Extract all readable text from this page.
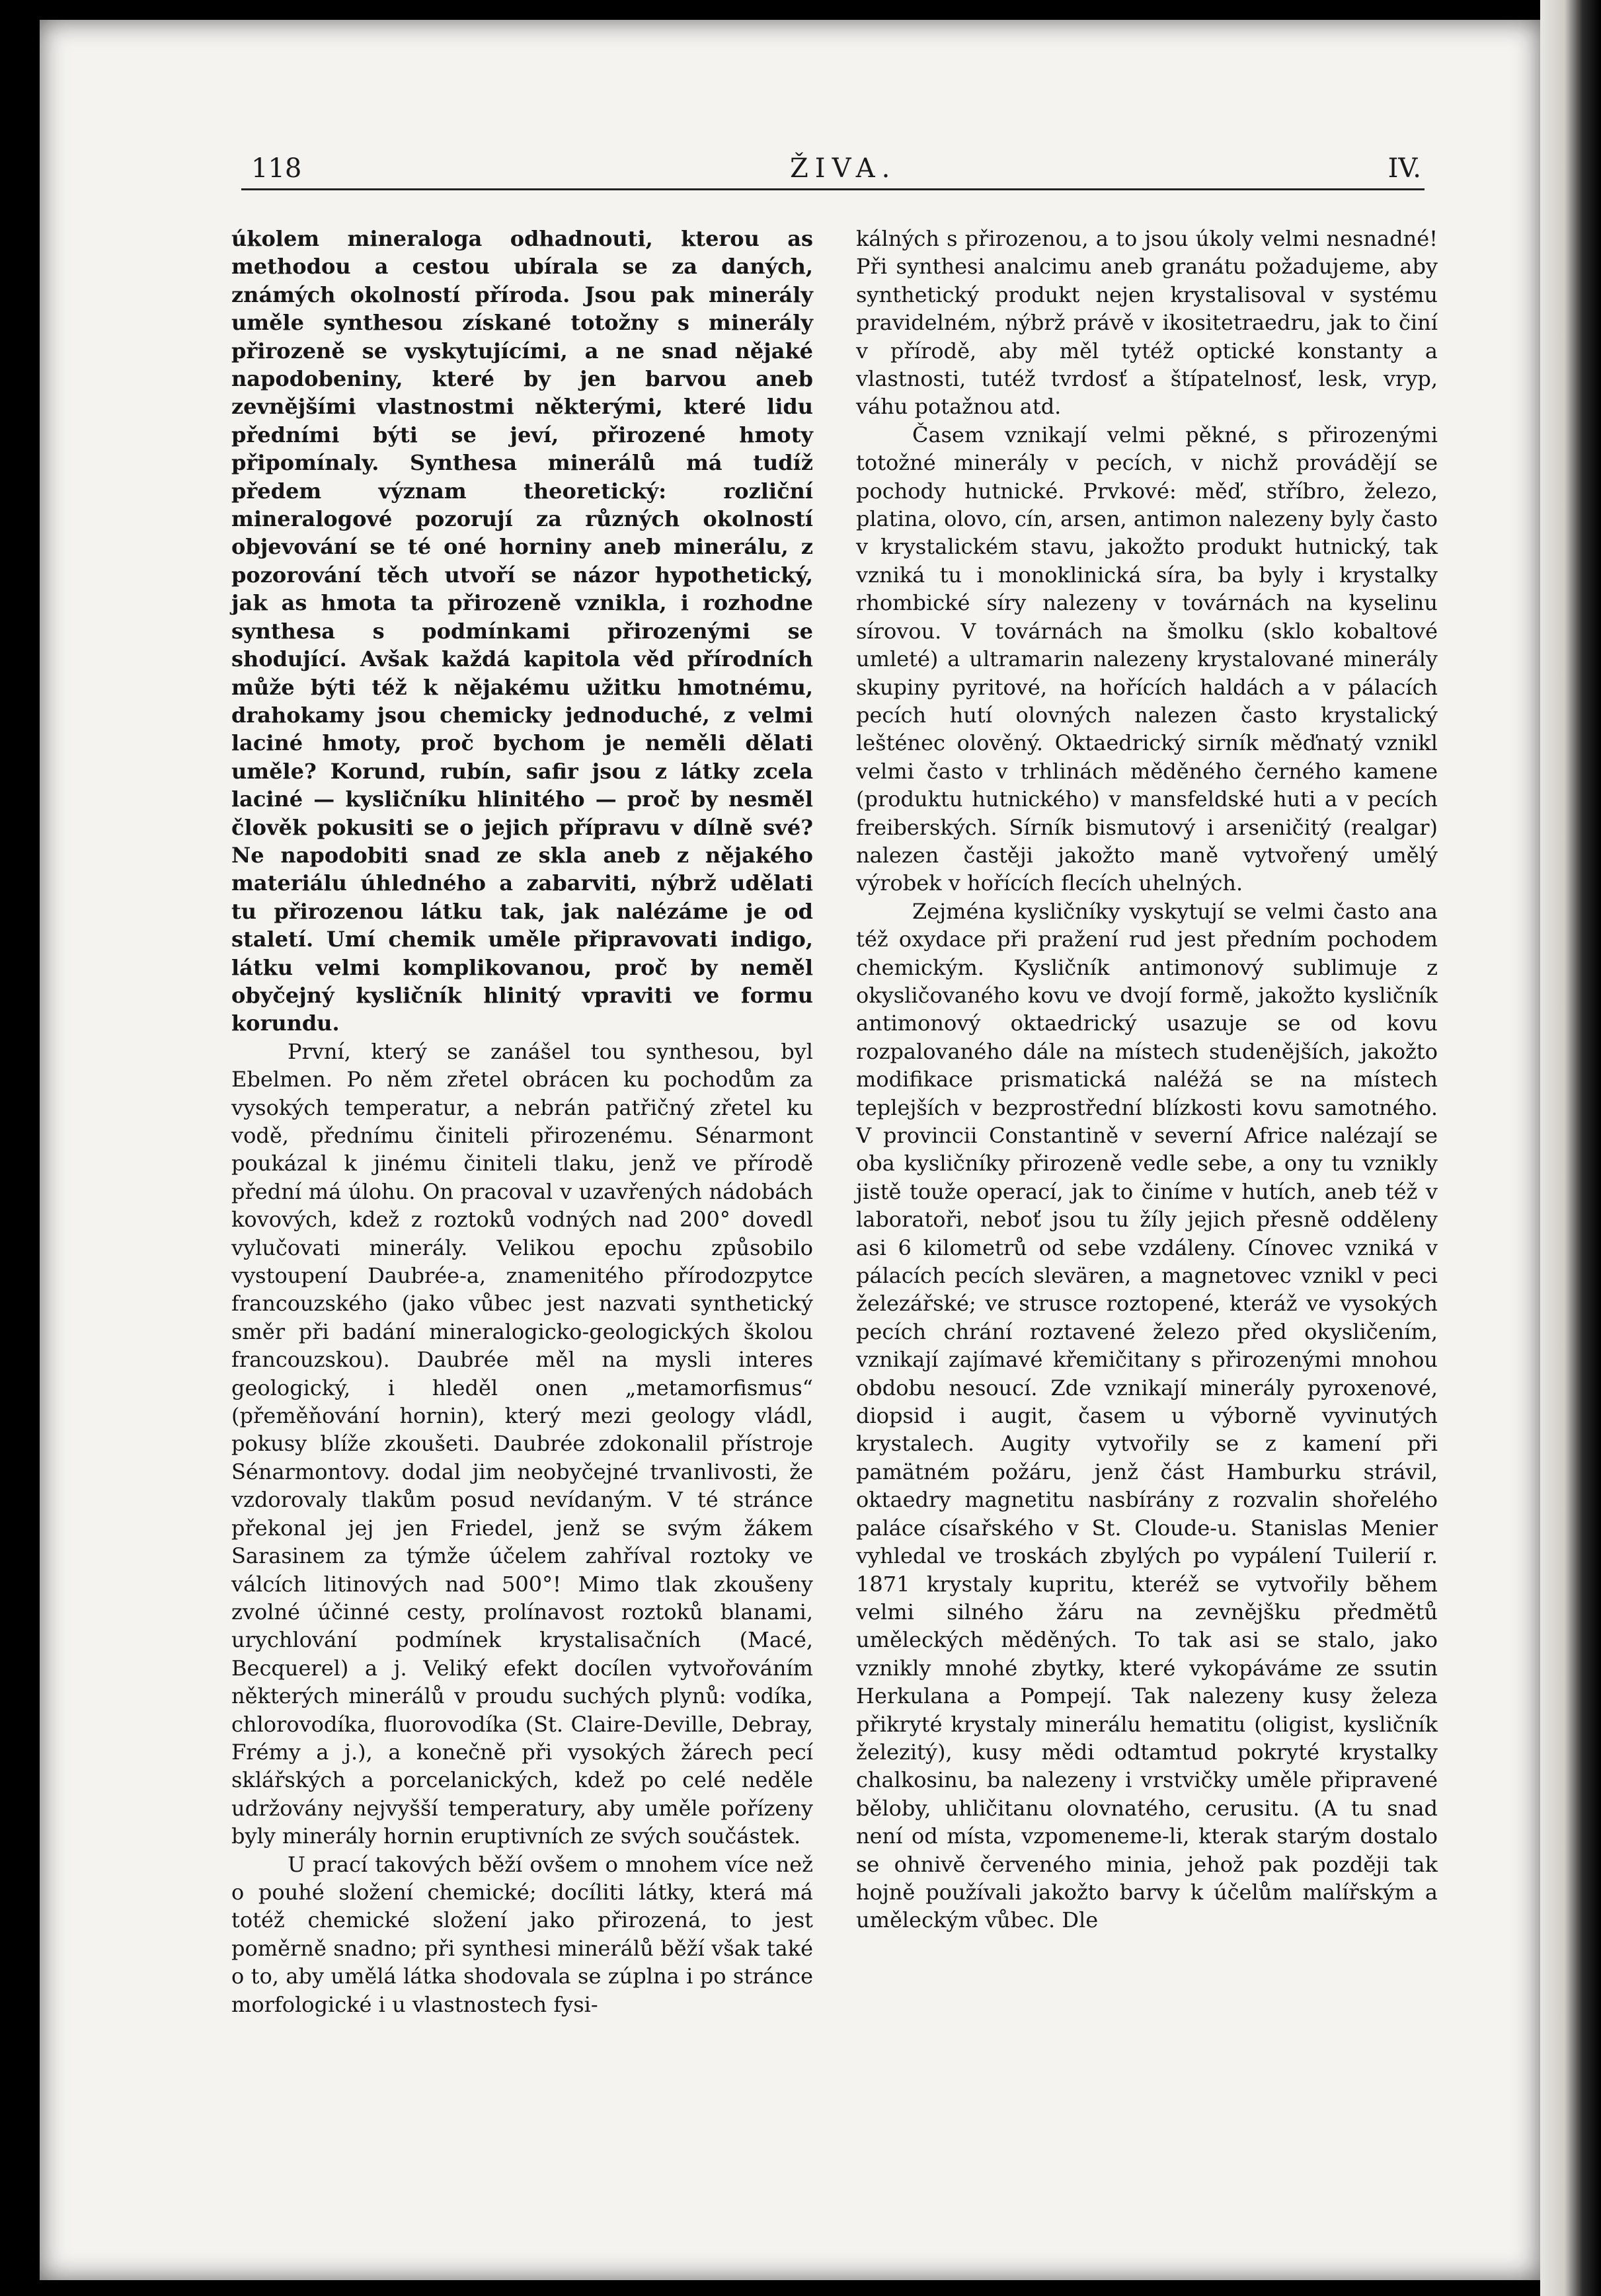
118	ŽIVA.	IV.

úkolem mineraloga odhadnouti, kterou as methodou a cestou ubírala se za daných, známých okolností příroda. Jsou pak minerály uměle synthesou získané totožny s minerály přirozeně se vyskytujícími, a ne snad nějaké napodobeniny, které by jen barvou aneb zevnějšími vlastnostmi některými, které lidu předními býti se jeví, přirozené hmoty připomínaly. Synthesa minerálů má tudíž předem význam theoretický: rozliční mineralogové pozorují za různých okolností objevování se té oné horniny aneb minerálu, z pozorování těch utvoří se názor hypothetický, jak as hmota ta přirozeně vznikla, i rozhodne synthesa s podmínkami přirozenými se shodující. Avšak každá kapitola věd přírodních může býti též k nějakému užitku hmotnému, drahokamy jsou chemicky jednoduché, z velmi laciné hmoty, proč bychom je neměli dělati uměle? Korund, rubín, safir jsou z látky zcela laciné — kysličníku hlinitého — proč by nesměl člověk pokusiti se o jejich přípravu v dílně své? Ne napodobiti snad ze skla aneb z nějakého materiálu úhledného a zabarviti, nýbrž udělati tu přirozenou látku tak, jak nalézáme je od staletí. Umí chemik uměle připravovati indigo, látku velmi komplikovanou, proč by neměl obyčejný kysličník hlinitý vpraviti ve formu korundu.

První, který se zanášel tou synthesou, byl Ebelmen. Po něm zřetel obrácen ku pochodům za vysokých temperatur, a nebrán patřičný zřetel ku vodě, přednímu činiteli přirozenému. Sénarmont poukázal k jinému činiteli tlaku, jenž ve přírodě přední má úlohu. On pracoval v uzavřených nádobách kovových, kdež z roztoků vodných nad 200° dovedl vylučovati minerály. Velikou epochu způsobilo vystoupení Daubrée-a, znamenitého přírodozpytce francouzského (jako vůbec jest nazvati synthetický směr při badání mineralogicko-geologických školou francouzskou). Daubrée měl na mysli interes geologický, i hleděl onen „metamorfismus“ (přeměňování hornin), který mezi geology vládl, pokusy blíže zkoušeti. Daubrée zdokonalil přístroje Sénarmontovy. dodal jim neobyčejné trvanlivosti, že vzdorovaly tlakům posud nevídaným. V té stránce překonal jej jen Friedel, jenž se svým žákem Sarasinem za týmže účelem zahříval roztoky ve válcích litinových nad 500°! Mimo tlak zkoušeny zvolné účinné cesty, prolínavost roztoků blanami, urychlování podmínek krystalisačních (Macé, Becquerel) a j. Veliký efekt docílen vytvořováním některých minerálů v proudu suchých plynů: vodíka, chlorovodíka, fluorovodíka (St. Claire-Deville, Debray, Frémy a j.), a konečně při vysokých žárech pecí sklářských a porcelanických, kdež po celé neděle udržovány nejvyšší temperatury, aby uměle pořízeny byly minerály hornin eruptivních ze svých součástek.

U prací takových běží ovšem o mnohem více než o pouhé složení chemické; docíliti látky, která má totéž chemické složení jako přirozená, to jest poměrně snadno; při synthesi minerálů běží však také o to, aby umělá látka shodovala se zúplna i po stránce morfologické i u vlastnostech fysi-

kálných s přirozenou, a to jsou úkoly velmi nesnadné! Při synthesi analcimu aneb granátu požadujeme, aby synthetický produkt nejen krystalisoval v systému pravidelném, nýbrž právě v ikositetraedru, jak to činí v přírodě, aby měl tytéž optické konstanty a vlastnosti, tutéž tvrdosť a štípatelnosť, lesk, vryp, váhu potažnou atd.

Časem vznikají velmi pěkné, s přirozenými totožné minerály v pecích, v nichž provádějí se pochody hutnické. Prvkové: měď, stříbro, železo, platina, olovo, cín, arsen, antimon nalezeny byly často v krystalickém stavu, jakožto produkt hutnický, tak vzniká tu i monoklinická síra, ba byly i krystalky rhombické síry nalezeny v továrnách na kyselinu sírovou. V továrnách na šmolku (sklo kobaltové umleté) a ultramarin nalezeny krystalované minerály skupiny pyritové, na hořících haldách a v pálacích pecích hutí olovných nalezen často krystalický lešténec olověný. Oktaedrický sirník měďnatý vznikl velmi často v trhlinách měděného černého kamene (produktu hutnického) v mansfeldské huti a v pecích freiberských. Sírník bismutový i arseničitý (realgar) nalezen častěji jakožto maně vytvořený umělý výrobek v hořících flecích uhelných.

Zejména kysličníky vyskytují se velmi často ana též oxydace při pražení rud jest předním pochodem chemickým. Kysličník antimonový sublimuje z okysličovaného kovu ve dvojí formě, jakožto kysličník antimonový oktaedrický usazuje se od kovu rozpalovaného dále na místech studenějších, jakožto modifikace prismatická naléžá se na místech teplejších v bezprostřední blízkosti kovu samotného. V provincii Constantině v severní Africe nalézají se oba kysličníky přirozeně vedle sebe, a ony tu vznikly jistě touže operací, jak to činíme v hutích, aneb též v laboratoři, neboť jsou tu žíly jejich přesně odděleny asi 6 kilometrů od sebe vzdáleny. Cínovec vzniká v pálacích pecích slevären, a magnetovec vznikl v peci železářské; ve strusce roztopené, kteráž ve vysokých pecích chrání roztavené železo před okysličením, vznikají zajímavé křemičitany s přirozenými mnohou obdobu nesoucí. Zde vznikají minerály pyroxenové, diopsid i augit, časem u výborně vyvinutých krystalech. Augity vytvořily se z kamení při pamätném požáru, jenž část Hamburku strávil, oktaedry magnetitu nasbírány z rozvalin shořelého paláce císařského v St. Cloude-u. Stanislas Menier vyhledal ve troskách zbylých po vypálení Tuilerií r. 1871 krystaly kupritu, kteréž se vytvořily během velmi silného žáru na zevnějšku předmětů uměleckých měděných. To tak asi se stalo, jako vznikly mnohé zbytky, které vykopáváme ze ssutin Herkulana a Pompejí. Tak nalezeny kusy železa přikryté krystaly minerálu hematitu (oligist, kysličník železitý), kusy mědi odtamtud pokryté krystalky chalkosinu, ba nalezeny i vrstvičky uměle připravené běloby, uhličitanu olovnatého, cerusitu. (A tu snad není od místa, vzpomeneme-li, kterak starým dostalo se ohnivě červeného minia, jehož pak později tak hojně používali jakožto barvy k účelům malířským a uměleckým vůbec. Dle
